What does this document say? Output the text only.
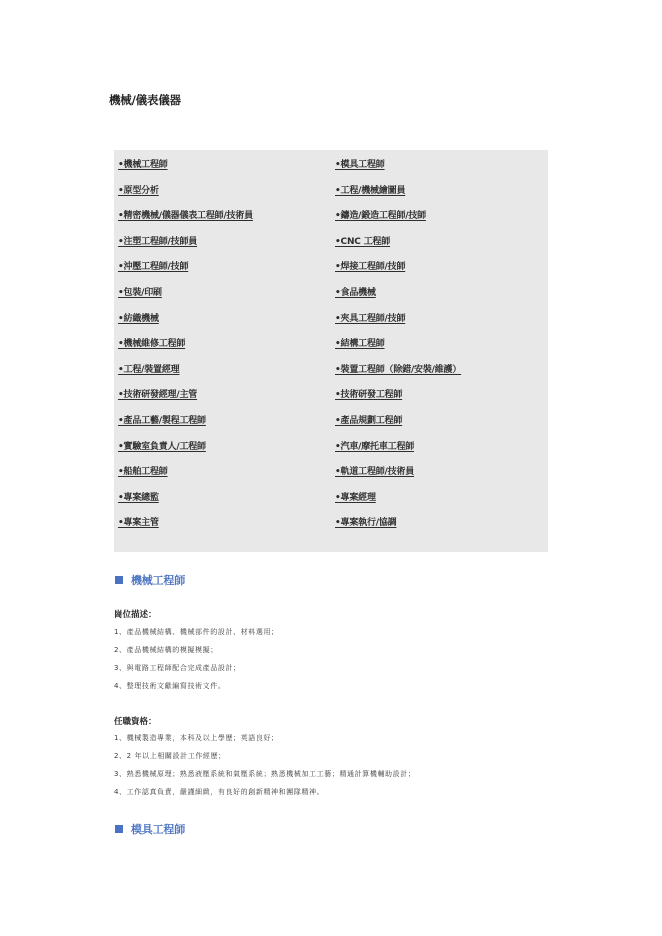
機械/儀表儀器
•機械工程師	•模具工程師
•原型分析	•工程/機械繪圖員
•精密機械/儀器儀表工程師/技術員	•鑄造/鍛造工程師/技師
•注塑工程師/技師員	•CNC 工程師
•沖壓工程師/技師	•焊接工程師/技師
•包裝/印刷	•食品機械
•紡織機械	•夾具工程師/技師
•機械維修工程師	•結構工程師
•工程/裝置經理	•裝置工程師（除錯/安裝/維護）
•技術研發經理/主管	•技術研發工程師
•產品工藝/製程工程師	•產品規劃工程師
•實驗室負責人/工程師	•汽車/摩托車工程師
•船舶工程師	•軌道工程師/技術員
•專案總監	•專案經理
•專案主管	•專案執行/協調
機械工程師
崗位描述：
1、產品機械結構、機械部件的設計、材料選用；
2、產品機械結構的模擬模擬；
3、與電路工程師配合完成產品設計；
4、整理技術文獻編寫技術文件。
任職資格：
1、機械製造專業，本科及以上學歷；英語良好；
2、2 年以上相關設計工作經歷；
3、熟悉機械原理；熟悉液壓系統和氣壓系統；熟悉機械加工工藝；精通計算機輔助設計；
4、工作認真負責，嚴謹細緻，有良好的創新精神和團隊精神。
模具工程師
